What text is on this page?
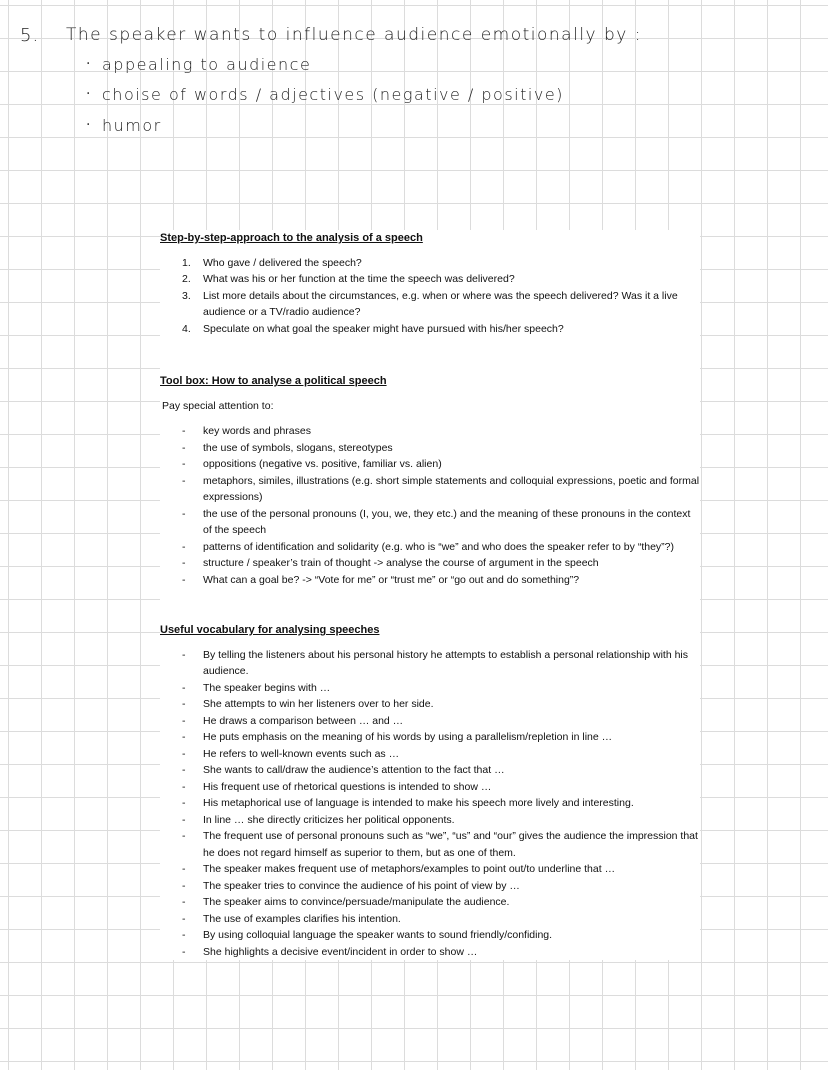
5. The speaker wants to influence audience emotionally by :
· appealing to audience
· choise of words / adjectives (negative / positive)
· humor
Step-by-step-approach to the analysis of a speech
1. Who gave / delivered the speech?
2. What was his or her function at the time the speech was delivered?
3. List more details about the circumstances, e.g. when or where was the speech delivered? Was it a live audience or a TV/radio audience?
4. Speculate on what goal the speaker might have pursued with his/her speech?
Tool box: How to analyse a political speech
Pay special attention to:
- key words and phrases
- the use of symbols, slogans, stereotypes
- oppositions (negative vs. positive, familiar vs. alien)
- metaphors, similes, illustrations (e.g. short simple statements and colloquial expressions, poetic and formal expressions)
- the use of the personal pronouns (I, you, we, they etc.) and the meaning of these pronouns in the context of the speech
- patterns of identification and solidarity (e.g. who is “we” and who does the speaker refer to by “they”?)
- structure / speaker’s train of thought -> analyse the course of argument in the speech
- What can a goal be? -> “Vote for me” or “trust me” or “go out and do something”?
Useful vocabulary for analysing speeches
- By telling the listeners about his personal history he attempts to establish a personal relationship with his audience.
- The speaker begins with …
- She attempts to win her listeners over to her side.
- He draws a comparison between … and …
- He puts emphasis on the meaning of his words by using a parallelism/repletion in line …
- He refers to well-known events such as …
- She wants to call/draw the audience’s attention to the fact that …
- His frequent use of rhetorical questions is intended to show …
- His metaphorical use of language is intended to make his speech more lively and interesting.
- In line … she directly criticizes her political opponents.
- The frequent use of personal pronouns such as “we”, “us” and “our” gives the audience the impression that he does not regard himself as superior to them, but as one of them.
- The speaker makes frequent use of metaphors/examples to point out/to underline that …
- The speaker tries to convince the audience of his point of view by …
- The speaker aims to convince/persuade/manipulate the audience.
- The use of examples clarifies his intention.
- By using colloquial language the speaker wants to sound friendly/confiding.
- She highlights a decisive event/incident in order to show …
